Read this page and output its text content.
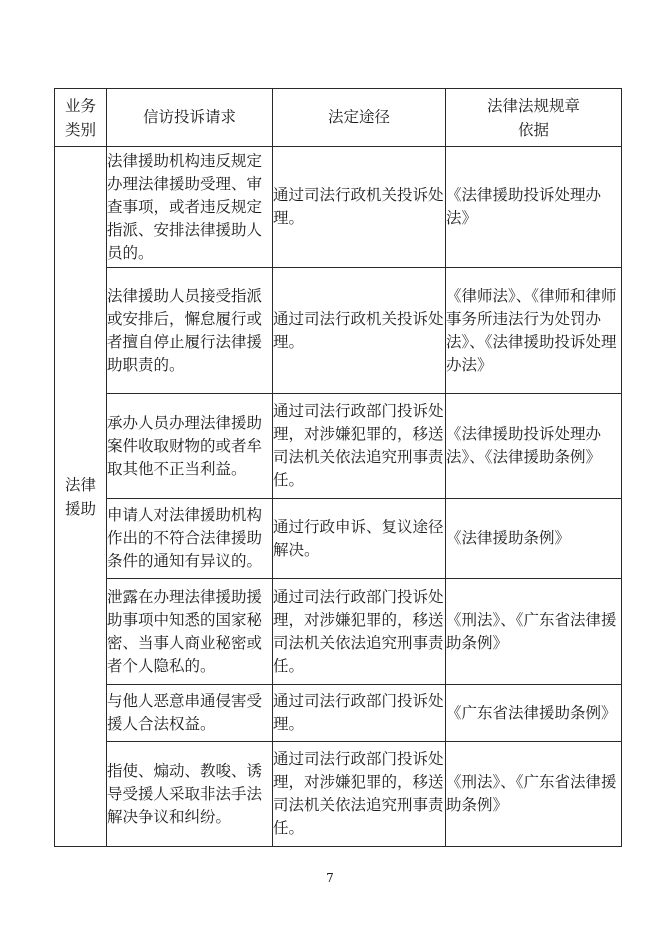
业务类别	信访投诉请求	法定途径	法律法规规章依据
法律援助	法律援助机构违反规定办理法律援助受理、审查事项，或者违反规定指派、安排法律援助人员的。	通过司法行政机关投诉处理。	《法律援助投诉处理办法》
	法律援助人员接受指派或安排后，懈怠履行或者擅自停止履行法律援助职责的。	通过司法行政机关投诉处理。	《律师法》、《律师和律师事务所违法行为处罚办法》、《法律援助投诉处理办法》
	承办人员办理法律援助案件收取财物的或者牟取其他不正当利益。	通过司法行政部门投诉处理，对涉嫌犯罪的，移送司法机关依法追究刑事责任。	《法律援助投诉处理办法》、《法律援助条例》
	申请人对法律援助机构作出的不符合法律援助条件的通知有异议的。	通过行政申诉、复议途径解决。	《法律援助条例》
	泄露在办理法律援助援助事项中知悉的国家秘密、当事人商业秘密或者个人隐私的。	通过司法行政部门投诉处理，对涉嫌犯罪的，移送司法机关依法追究刑事责任。	《刑法》、《广东省法律援助条例》
	与他人恶意串通侵害受援人合法权益。	通过司法行政部门投诉处理。	《广东省法律援助条例》
	指使、煽动、教唆、诱导受援人采取非法手法解决争议和纠纷。	通过司法行政部门投诉处理，对涉嫌犯罪的，移送司法机关依法追究刑事责任。	《刑法》、《广东省法律援助条例》
7
